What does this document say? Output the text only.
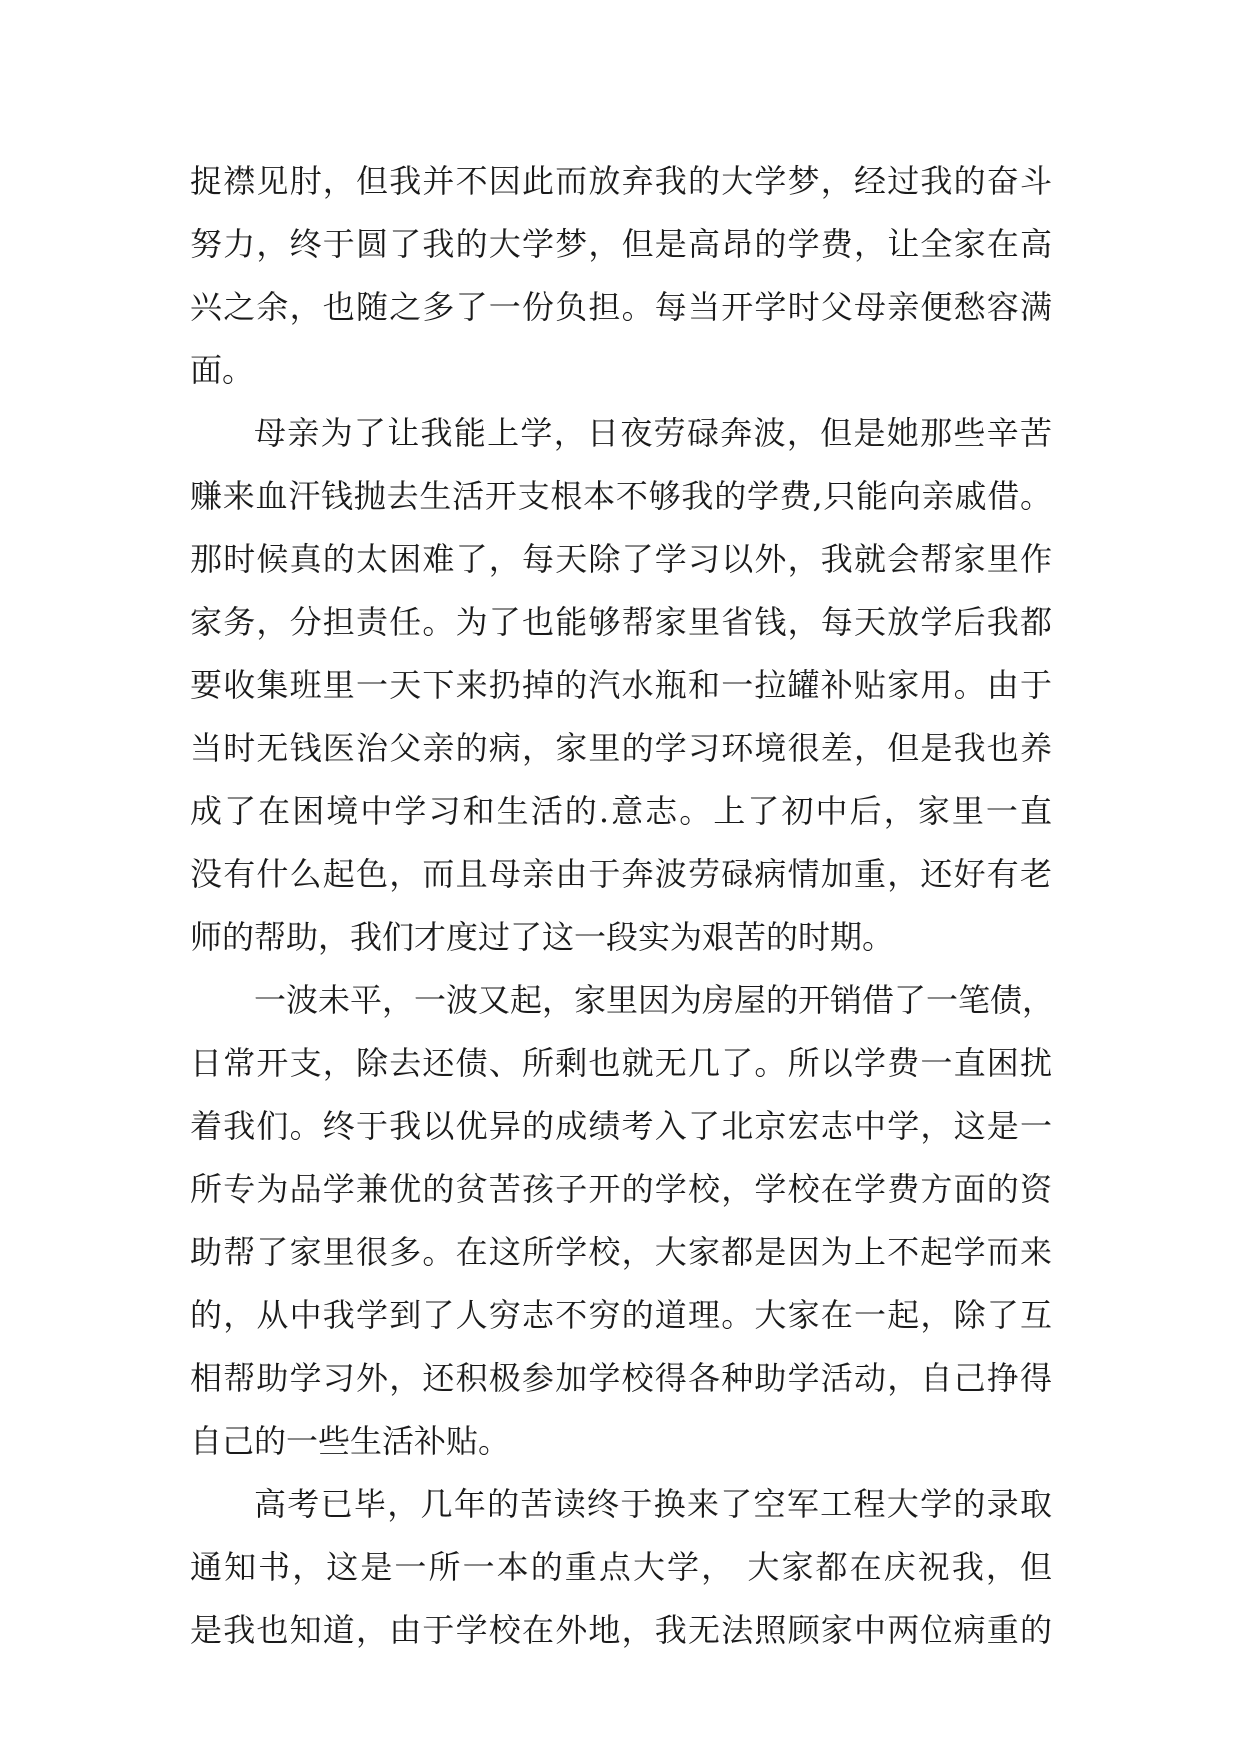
捉襟见肘，但我并不因此而放弃我的大学梦，经过我的奋斗
努力，终于圆了我的大学梦，但是高昂的学费，让全家在高
兴之余，也随之多了一份负担。每当开学时父母亲便愁容满
面。
母亲为了让我能上学，日夜劳碌奔波，但是她那些辛苦
赚来血汗钱抛去生活开支根本不够我的学费,只能向亲戚借。
那时候真的太困难了，每天除了学习以外，我就会帮家里作
家务，分担责任。为了也能够帮家里省钱，每天放学后我都
要收集班里一天下来扔掉的汽水瓶和一拉罐补贴家用。由于
当时无钱医治父亲的病，家里的学习环境很差，但是我也养
成了在困境中学习和生活的.意志。上了初中后，家里一直
没有什么起色，而且母亲由于奔波劳碌病情加重，还好有老
师的帮助，我们才度过了这一段实为艰苦的时期。
一波未平，一波又起，家里因为房屋的开销借了一笔债，
日常开支，除去还债、所剩也就无几了。所以学费一直困扰
着我们。终于我以优异的成绩考入了北京宏志中学，这是一
所专为品学兼优的贫苦孩子开的学校，学校在学费方面的资
助帮了家里很多。在这所学校，大家都是因为上不起学而来
的，从中我学到了人穷志不穷的道理。大家在一起，除了互
相帮助学习外，还积极参加学校得各种助学活动，自己挣得
自己的一些生活补贴。
高考已毕，几年的苦读终于换来了空军工程大学的录取
通知书，这是一所一本的重点大学， 大家都在庆祝我，但
是我也知道，由于学校在外地，我无法照顾家中两位病重的
